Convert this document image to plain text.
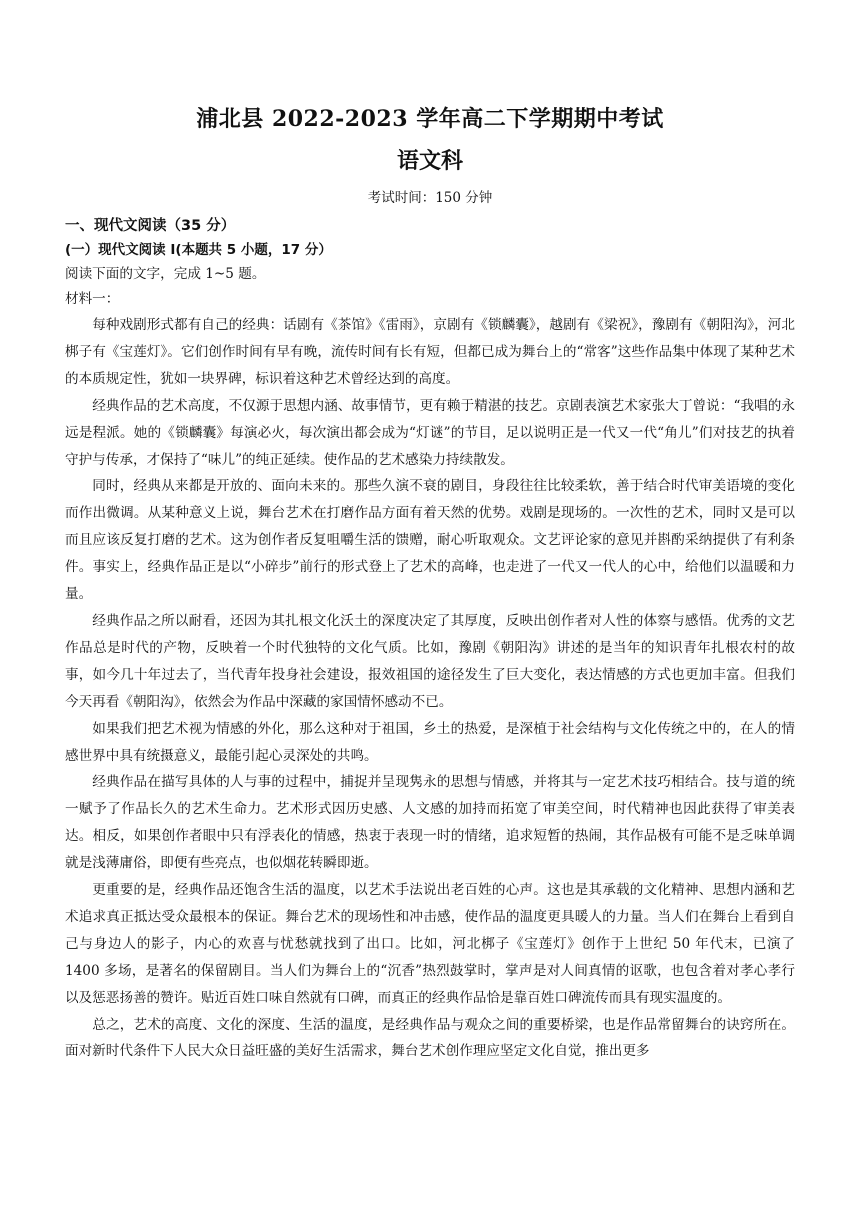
浦北县 2022-2023 学年高二下学期期中考试
语文科
考试时间：150 分钟

一、现代文阅读（35 分）

(一）现代文阅读 I(本题共 5 小题，17 分）

阅读下面的文字，完成 1~5 题。

材料一：

每种戏剧形式都有自己的经典：话剧有《茶馆》《雷雨》，京剧有《锁麟囊》，越剧有《梁祝》，豫剧有《朝阳沟》，河北梆子有《宝莲灯》。它们创作时间有早有晚，流传时间有长有短，但都已成为舞台上的“常客”这些作品集中体现了某种艺术的本质规定性，犹如一块界碑，标识着这种艺术曾经达到的高度。

经典作品的艺术高度，不仅源于思想内涵、故事情节，更有赖于精湛的技艺。京剧表演艺术家张大丁曾说：“我唱的永远是程派。她的《锁麟囊》每演必火，每次演出都会成为“灯谜”的节目，足以说明正是一代又一代“角儿”们对技艺的执着守护与传承，才保持了“味儿”的纯正延续。使作品的艺术感染力持续散发。

同时，经典从来都是开放的、面向未来的。那些久演不衰的剧目，身段往往比较柔软，善于结合时代审美语境的变化而作出微调。从某种意义上说，舞台艺术在打磨作品方面有着天然的优势。戏剧是现场的。一次性的艺术，同时又是可以而且应该反复打磨的艺术。这为创作者反复咀嚼生活的馈赠，耐心听取观众。文艺评论家的意见并斟酌采纳提供了有利条件。事实上，经典作品正是以“小碎步”前行的形式登上了艺术的高峰，也走进了一代又一代人的心中，给他们以温暖和力量。

经典作品之所以耐看，还因为其扎根文化沃土的深度决定了其厚度，反映出创作者对人性的体察与感悟。优秀的文艺作品总是时代的产物，反映着一个时代独特的文化气质。比如，豫剧《朝阳沟》讲述的是当年的知识青年扎根农村的故事，如今几十年过去了，当代青年投身社会建设，报效祖国的途径发生了巨大变化，表达情感的方式也更加丰富。但我们今天再看《朝阳沟》，依然会为作品中深藏的家国情怀感动不已。

如果我们把艺术视为情感的外化，那么这种对于祖国，乡土的热爱，是深植于社会结构与文化传统之中的，在人的情感世界中具有统摄意义，最能引起心灵深处的共鸣。

经典作品在描写具体的人与事的过程中，捕捉并呈现隽永的思想与情感，并将其与一定艺术技巧相结合。技与道的统一赋予了作品长久的艺术生命力。艺术形式因历史感、人文感的加持而拓宽了审美空间，时代精神也因此获得了审美表达。相反，如果创作者眼中只有浮表化的情感，热衷于表现一时的情绪，追求短暂的热闹，其作品极有可能不是乏味单调就是浅薄庸俗，即便有些亮点，也似烟花转瞬即逝。

更重要的是，经典作品还饱含生活的温度，以艺术手法说出老百姓的心声。这也是其承载的文化精神、思想内涵和艺术追求真正抵达受众最根本的保证。舞台艺术的现场性和冲击感，使作品的温度更具暖人的力量。当人们在舞台上看到自己与身边人的影子，内心的欢喜与忧愁就找到了出口。比如，河北梆子《宝莲灯》创作于上世纪 50 年代末，已演了 1400 多场，是著名的保留剧目。当人们为舞台上的“沉香”热烈鼓掌时，掌声是对人间真情的讴歌，也包含着对孝心孝行以及惩恶扬善的赞许。贴近百姓口味自然就有口碑，而真正的经典作品恰是靠百姓口碑流传而具有现实温度的。

总之，艺术的高度、文化的深度、生活的温度，是经典作品与观众之间的重要桥梁，也是作品常留舞台的诀窍所在。面对新时代条件下人民大众日益旺盛的美好生活需求，舞台艺术创作理应坚定文化自觉，推出更多
